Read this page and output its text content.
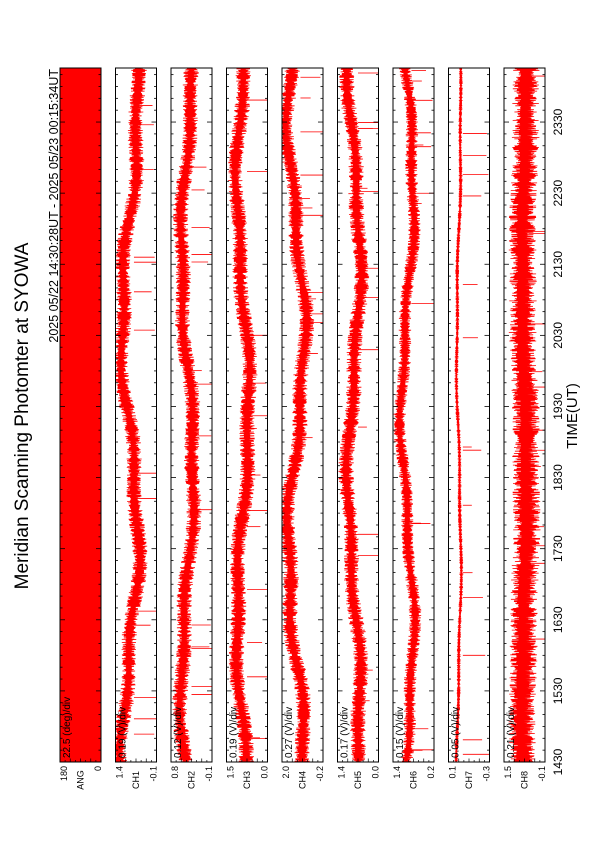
22.5 (deg)/div
180	0
ANG
0.19 (V)/div
1.4	-0.1
CH1
0.12 (V)/div
0.8	-0.1
CH2
0.19 (V)/div
1.5	0.0
CH3
0.27 (V)/div
2.0	-0.2
CH4
0.17 (V)/div
1.4	0.0
CH5
0.15 (V)/div
1.4	0.2
CH6
0.05 (V)/div
0.1	-0.3
CH7
0.21 (V)/div
1.5	-0.1
CH8
1430
1530
1630
1730
1830
1930
2030
2130
2230
2330
Meridian Scanning Photomter at SYOWA
2025 05/22 14:30:28UT - 2025 05/23 00:15:34UT
TIME(UT)
